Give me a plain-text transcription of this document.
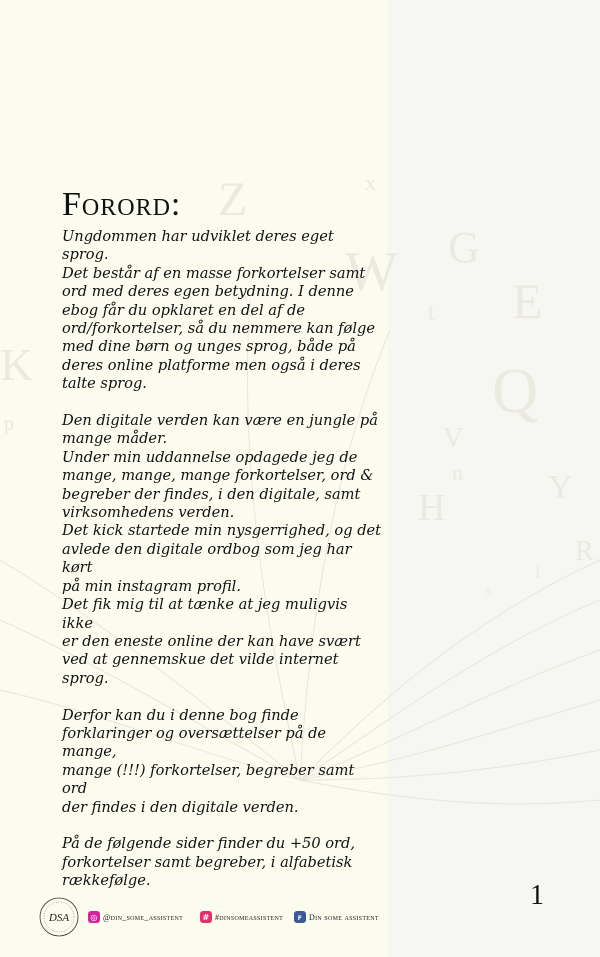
Z	x
G
W E
t
K	Q
V
n	Y
H
R
i
s
p
Forord:

Ungdommen har udviklet deres eget sprog.
Det består af en masse forkortelser samt
ord med deres egen betydning. I denne
ebog får du opklaret en del af de
ord/forkortelser, så du nemmere kan følge
med dine børn og unges sprog, både på
deres online platforme men også i deres
talte sprog.

Den digitale verden kan være en jungle på
mange måder.
Under min uddannelse opdagede jeg de
mange, mange, mange forkortelser, ord &
begreber der findes, i den digitale, samt
virksomhedens verden.
Det kick startede min nysgerrighed, og det
avlede den digitale ordbog som jeg har kørt
på min instagram profil.
Det fik mig til at tænke at jeg muligvis ikke
er den eneste online der kan have svært
ved at gennemskue det vilde internet
sprog.

Derfor kan du i denne bog finde
forklaringer og oversættelser på de mange,
mange (!!!) forkortelser, begreber samt ord
der findes i den digitale verden.

På de følgende sider finder du +50 ord,
forkortelser samt begreber, i alfabetisk
rækkefølge.	1
DSA	◎ @din_some_assistent	# #dinsomeassistent	f Din some assistent
